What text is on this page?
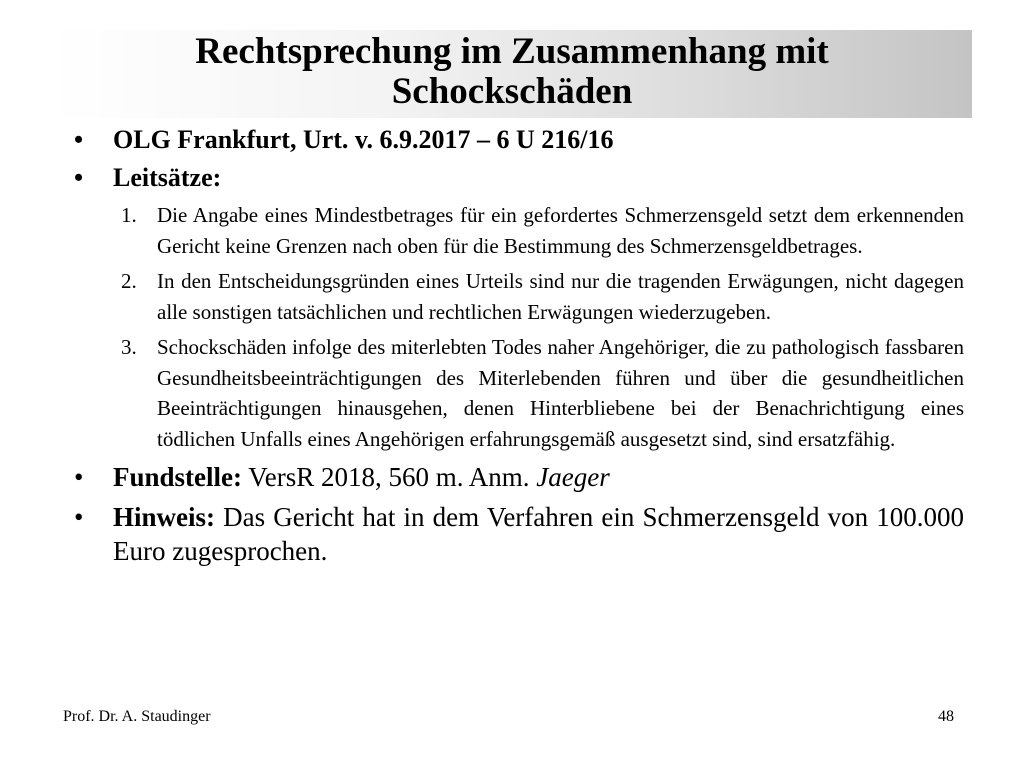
Rechtsprechung im Zusammenhang mit
Schockschäden
• OLG Frankfurt, Urt. v. 6.9.2017 – 6 U 216/16
• Leitsätze:
1. Die Angabe eines Mindestbetrages für ein gefordertes Schmerzensgeld setzt dem erkennenden Gericht keine Grenzen nach oben für die Bestimmung des Schmerzensgeldbetrages.
2. In den Entscheidungsgründen eines Urteils sind nur die tragenden Erwägungen, nicht dagegen alle sonstigen tatsächlichen und rechtlichen Erwägungen wiederzugeben.
3. Schockschäden infolge des miterlebten Todes naher Angehöriger, die zu pathologisch fassbaren Gesundheitsbeeinträchtigungen des Miterlebenden führen und über die gesundheitlichen Beeinträchtigungen hinausgehen, denen Hinterbliebene bei der Benachrichtigung eines tödlichen Unfalls eines Angehörigen erfahrungsgemäß ausgesetzt sind, sind ersatzfähig.
• Fundstelle: VersR 2018, 560 m. Anm. Jaeger
• Hinweis: Das Gericht hat in dem Verfahren ein Schmerzensgeld von 100.000 Euro zugesprochen.
Prof. Dr. A. Staudinger	48
